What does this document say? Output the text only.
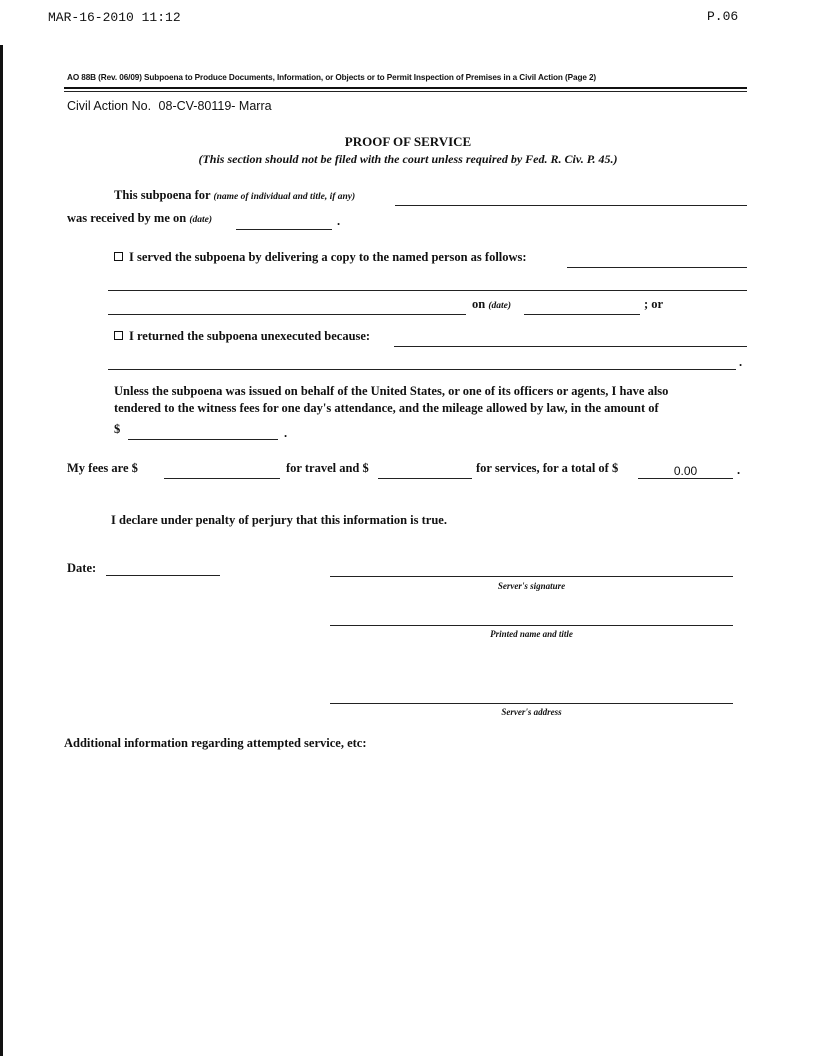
MAR-16-2010 11:12	P.06
AO 88B (Rev. 06/09) Subpoena to Produce Documents, Information, or Objects or to Permit Inspection of Premises in a Civil Action (Page 2)
Civil Action No. 08-CV-80119- Marra
PROOF OF SERVICE
(This section should not be filed with the court unless required by Fed. R. Civ. P. 45.)
This subpoena for (name of individual and title, if any)
was received by me on (date)	.
I served the subpoena by delivering a copy to the named person as follows:
on (date)	; or
I returned the subpoena unexecuted because:
.
Unless the subpoena was issued on behalf of the United States, or one of its officers or agents, I have also
tendered to the witness fees for one day's attendance, and the mileage allowed by law, in the amount of
$	.
My fees are $	for travel and $	for services, for a total of $	0.00	.
I declare under penalty of perjury that this information is true.
Date:
Server's signature
Printed name and title
Server's address
Additional information regarding attempted service, etc:
